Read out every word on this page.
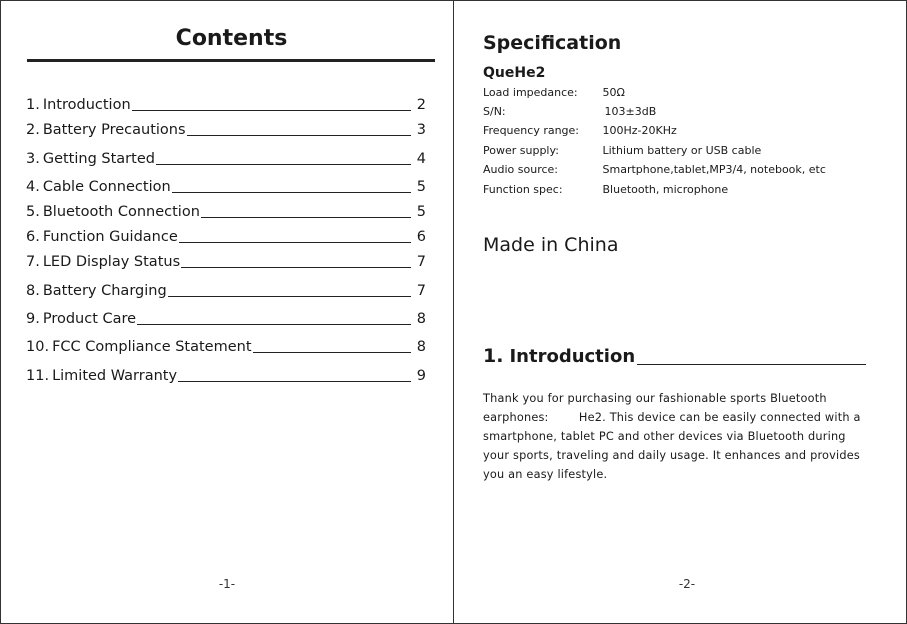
Contents
1. Introduction	2
2. Battery Precautions	3
3. Getting Started	4
4. Cable Connection	5
5. Bluetooth Connection	5
6. Function Guidance	6
7. LED Display Status	7
8. Battery Charging	7
9. Product Care	8
10. FCC Compliance Statement	8
11. Limited Warranty	9
-1-
Specification
QueHe2
Load impedance: 50Ω
S/N:	103±3dB
Frequency range: 100Hz-20KHz
Power supply:	Lithium battery or USB cable
Audio source:	Smartphone,tablet,MP3/4, notebook, etc
Function spec:	Bluetooth, microphone
Made in China
1. Introduction

Thank you for purchasing our fashionable sports Bluetooth earphones:        He2. This device can be easily connected with a smartphone, tablet PC and other devices via Bluetooth during your sports, traveling and daily usage. It enhances and provides you an easy lifestyle.

-2-
